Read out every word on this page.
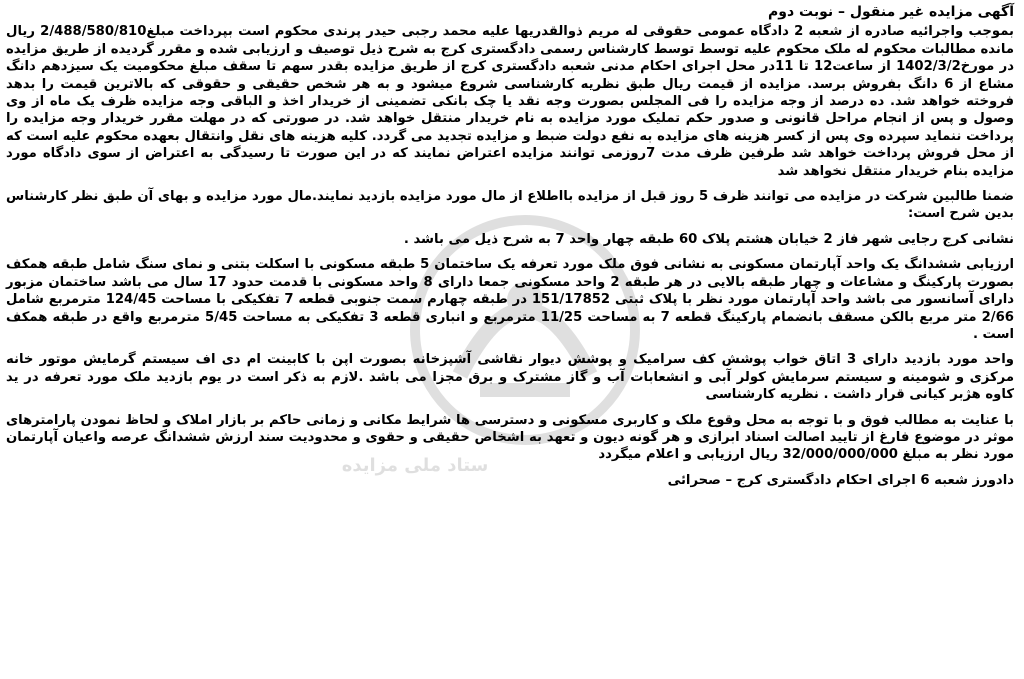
ستاد ملی مزایده

آگهی مزایده غیر منقول – نوبت دوم

بموجب واجرائیه صادره از شعبه 2 دادگاه عمومی حقوقی له مریم ذوالقدریها علیه محمد رجبی حیدر پرندی محکوم است بپرداخت مبلغ2/488/580/810 ریال مانده مطالبات محکوم له ملک محکوم علیه توسط توسط کارشناس رسمی دادگستری کرج به شرح ذیل توصیف و ارزیابی شده و مقرر گردیده از طریق مزایده در مورخ1402/3/2 از ساعت12 تا 11در محل اجرای احکام مدنی شعبه دادگستری کرج از طریق مزایده بقدر سهم تا سقف مبلغ محکومیت یک سیزدهم دانگ مشاع از 6 دانگ بفروش برسد. مزایده از قیمت ریال طبق نظریه کارشناسی شروع میشود و به هر شخص حقیقی و حقوقی که بالاترین قیمت را بدهد فروخته خواهد شد. ده درصد از وجه مزایده را فی المجلس بصورت وجه نقد یا چک بانکی تضمینی از خریدار اخذ و الباقی وجه مزایده ظرف یک ماه از وی وصول و پس از انجام مراحل قانونی و صدور حکم تملیک مورد مزایده به نام خریدار منتقل خواهد شد. در صورتی که در مهلت مقرر خریدار وجه مزایده را پرداخت ننماید سپرده وی پس از کسر هزینه های مزایده به نفع دولت ضبط و مزایده تجدید می گردد. کلیه هزینه های نقل وانتقال بعهده محکوم علیه است که از محل فروش پرداخت خواهد شد طرفین ظرف مدت 7روزمی توانند مزایده اعتراض نمایند که در این صورت تا رسیدگی به اعتراض از سوی دادگاه مورد مزایده بنام خریدار منتقل نخواهد شد

ضمنا طالبین شرکت در مزایده می توانند ظرف 5 روز قبل از مزایده بااطلاع از مال مورد مزایده بازدید نمایند.مال مورد مزایده و بهای آن طبق نظر کارشناس بدین شرح است:

نشانی کرج رجایی شهر فاز 2 خیابان هشتم پلاک 60 طبقه چهار واحد 7 به شرح ذیل می باشد .

ارزیابی ششدانگ یک واحد آپارتمان مسکونی به نشانی فوق ملک مورد تعرفه یک ساختمان 5 طبقه مسکونی با اسکلت بتنی و نمای سنگ شامل طبقه همکف بصورت پارکینگ و مشاعات و چهار طبقه بالایی در هر طبقه 2 واحد مسکونی جمعا دارای 8 واحد مسکونی با قدمت حدود 17 سال می باشد ساختمان مزبور دارای آسانسور می باشد واحد آپارتمان مورد نظر با پلاک ثبتی 151/17852 در طبقه چهارم سمت جنوبی قطعه 7 تفکیکی با مساحت 124/45 مترمربع شامل 2/66 متر مربع بالکن مسقف بانضمام پارکینگ قطعه 7 به مساحت 11/25 مترمربع و انباری قطعه 3 تفکیکی به مساحت 5/45 مترمربع واقع در طبقه همکف است .

واحد مورد بازدید دارای 3 اتاق خواب پوشش کف سرامیک و پوشش دیوار نقاشی آشپزخانه بصورت اپن با کابینت ام دی اف سیستم گرمایش موتور خانه مرکزی و شومینه و سیستم سرمایش کولر آبی و انشعابات آب و گاز مشترک و برق مجزا می باشد .لازم به ذکر است در یوم بازدید ملک مورد تعرفه در ید کاوه هژبر کیانی قرار داشت . نظریه کارشناسی

با عنایت به مطالب فوق و با توجه به محل وقوع ملک و کاربری مسکونی و دسترسی ها شرایط مکانی و زمانی حاکم بر بازار املاک و لحاظ نمودن پارامترهای موثر در موضوع فارغ از تایید اصالت اسناد ابرازی و هر گونه دیون و تعهد به اشخاص حقیقی و حقوی و محدودیت سند ارزش ششدانگ عرصه واعیان آپارتمان مورد نظر به مبلغ 32/000/000/000 ریال ارزیابی و اعلام میگردد

دادورز شعبه 6 اجرای احکام دادگستری کرج – صحرائی
